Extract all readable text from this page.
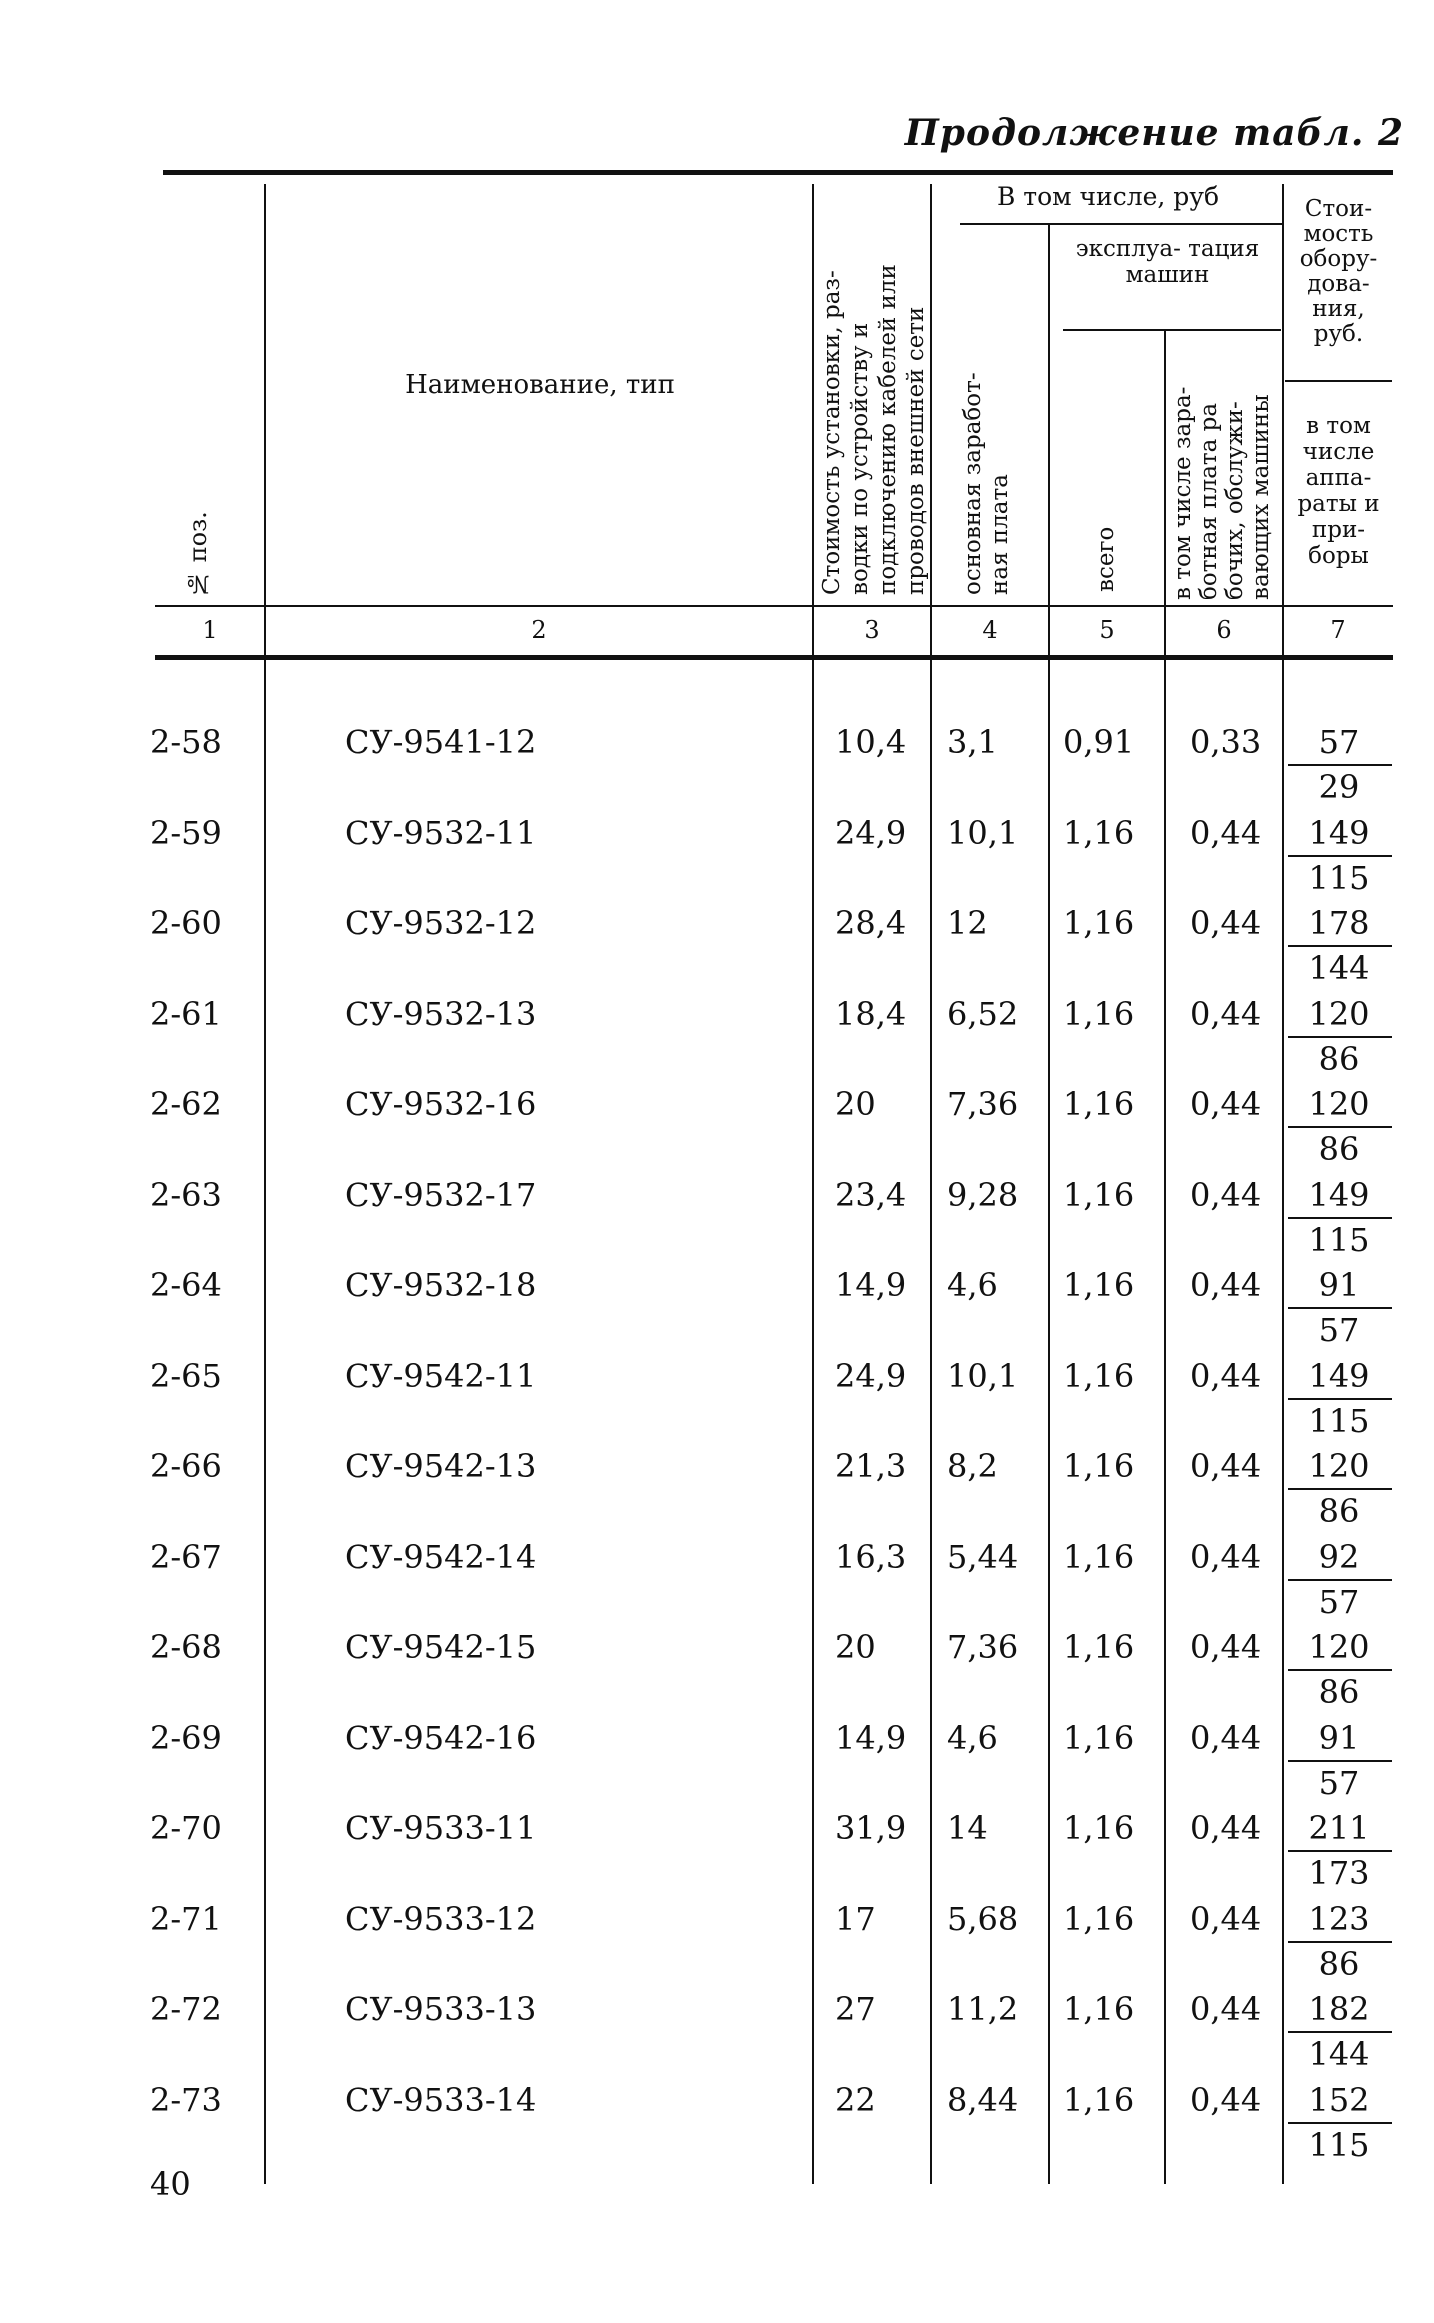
Продолжение табл. 2
№ поз.
Наименование, тип
Стоимость установки, раз-
водки по устройству и
подключению кабелей или
проводов внешней сети
В том числе, руб
основная заработ-
ная плата
эксплуа- тация машин
всего
в том числе зара-
ботная плата ра
бочих, обслужи-
вающих машины
Стои- мость обору- дова- ния, руб.
в том числе аппа- раты и при- боры
1	2	3	4	5	6	7
2-58	СУ-9541-12	10,4 3,1 0,91 0,33	57
29
2-59	СУ-9532-11	24,9 10,1 1,16 0,44	149
115
2-60	СУ-9532-12	28,4 12 1,16 0,44	178
144
2-61	СУ-9532-13	18,4 6,52 1,16 0,44	120
86
2-62	СУ-9532-16	20 7,36 1,16 0,44	120
86
2-63	СУ-9532-17	23,4 9,28 1,16 0,44	149
115
2-64	СУ-9532-18	14,9 4,6 1,16 0,44	91
57
2-65	СУ-9542-11	24,9 10,1 1,16 0,44	149
115
2-66	СУ-9542-13	21,3 8,2 1,16 0,44	120
86
2-67	СУ-9542-14	16,3 5,44 1,16 0,44	92
57
2-68	СУ-9542-15	20 7,36 1,16 0,44	120
86
2-69	СУ-9542-16	14,9 4,6 1,16 0,44	91
57
2-70	СУ-9533-11	31,9 14 1,16 0,44	211
173
2-71	СУ-9533-12	17 5,68 1,16 0,44	123
86
2-72	СУ-9533-13	27 11,2 1,16 0,44	182
144
2-73	СУ-9533-14	22 8,44 1,16 0,44	152
115
40
